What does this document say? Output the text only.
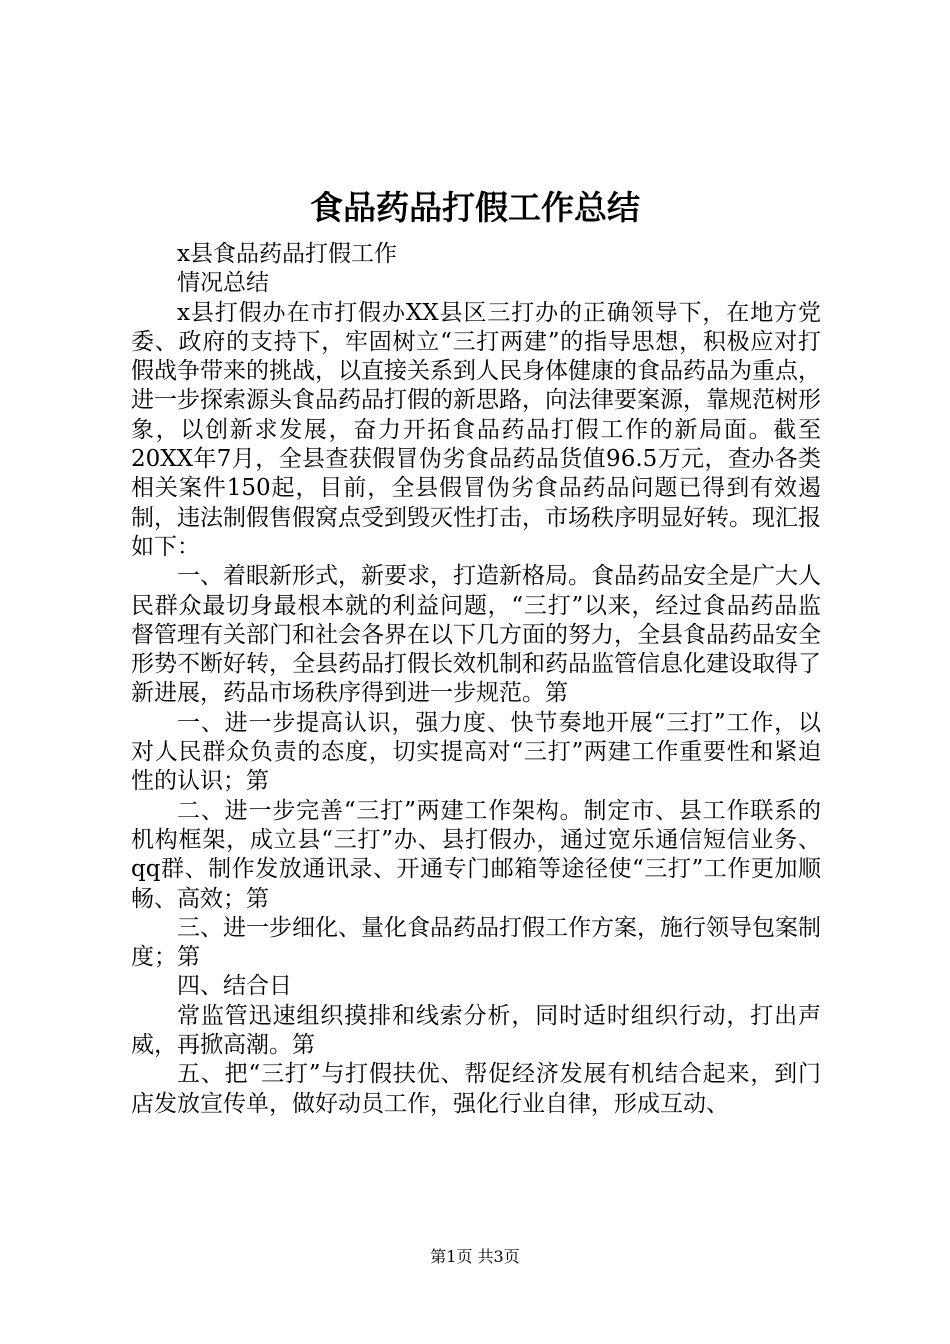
食品药品打假工作总结

x县食品药品打假工作

情况总结

x县打假办在市打假办XX县区三打办的正确领导下，在地方党委、政府的支持下，牢固树立“三打两建”的指导思想，积极应对打假战争带来的挑战，以直接关系到人民身体健康的食品药品为重点，进一步探索源头食品药品打假的新思路，向法律要案源，靠规范树形象，以创新求发展，奋力开拓食品药品打假工作的新局面。截至20XX年7月，全县查获假冒伪劣食品药品货值96.5万元，查办各类相关案件150起，目前，全县假冒伪劣食品药品问题已得到有效遏制，违法制假售假窝点受到毁灭性打击，市场秩序明显好转。现汇报如下：

一、着眼新形式，新要求，打造新格局。食品药品安全是广大人民群众最切身最根本就的利益问题，“三打”以来，经过食品药品监督管理有关部门和社会各界在以下几方面的努力，全县食品药品安全形势不断好转，全县药品打假长效机制和药品监管信息化建设取得了新进展，药品市场秩序得到进一步规范。第

一、进一步提高认识，强力度、快节奏地开展“三打”工作，以对人民群众负责的态度，切实提高对“三打”两建工作重要性和紧迫性的认识；第

二、进一步完善“三打”两建工作架构。制定市、县工作联系的机构框架，成立县“三打”办、县打假办，通过宽乐通信短信业务、qq群、制作发放通讯录、开通专门邮箱等途径使“三打”工作更加顺畅、高效；第

三、进一步细化、量化食品药品打假工作方案，施行领导包案制度；第

四、结合日

常监管迅速组织摸排和线索分析，同时适时组织行动，打出声威，再掀高潮。第

五、把“三打”与打假扶优、帮促经济发展有机结合起来，到门店发放宣传单，做好动员工作，强化行业自律，形成互动、

第1页 共3页
